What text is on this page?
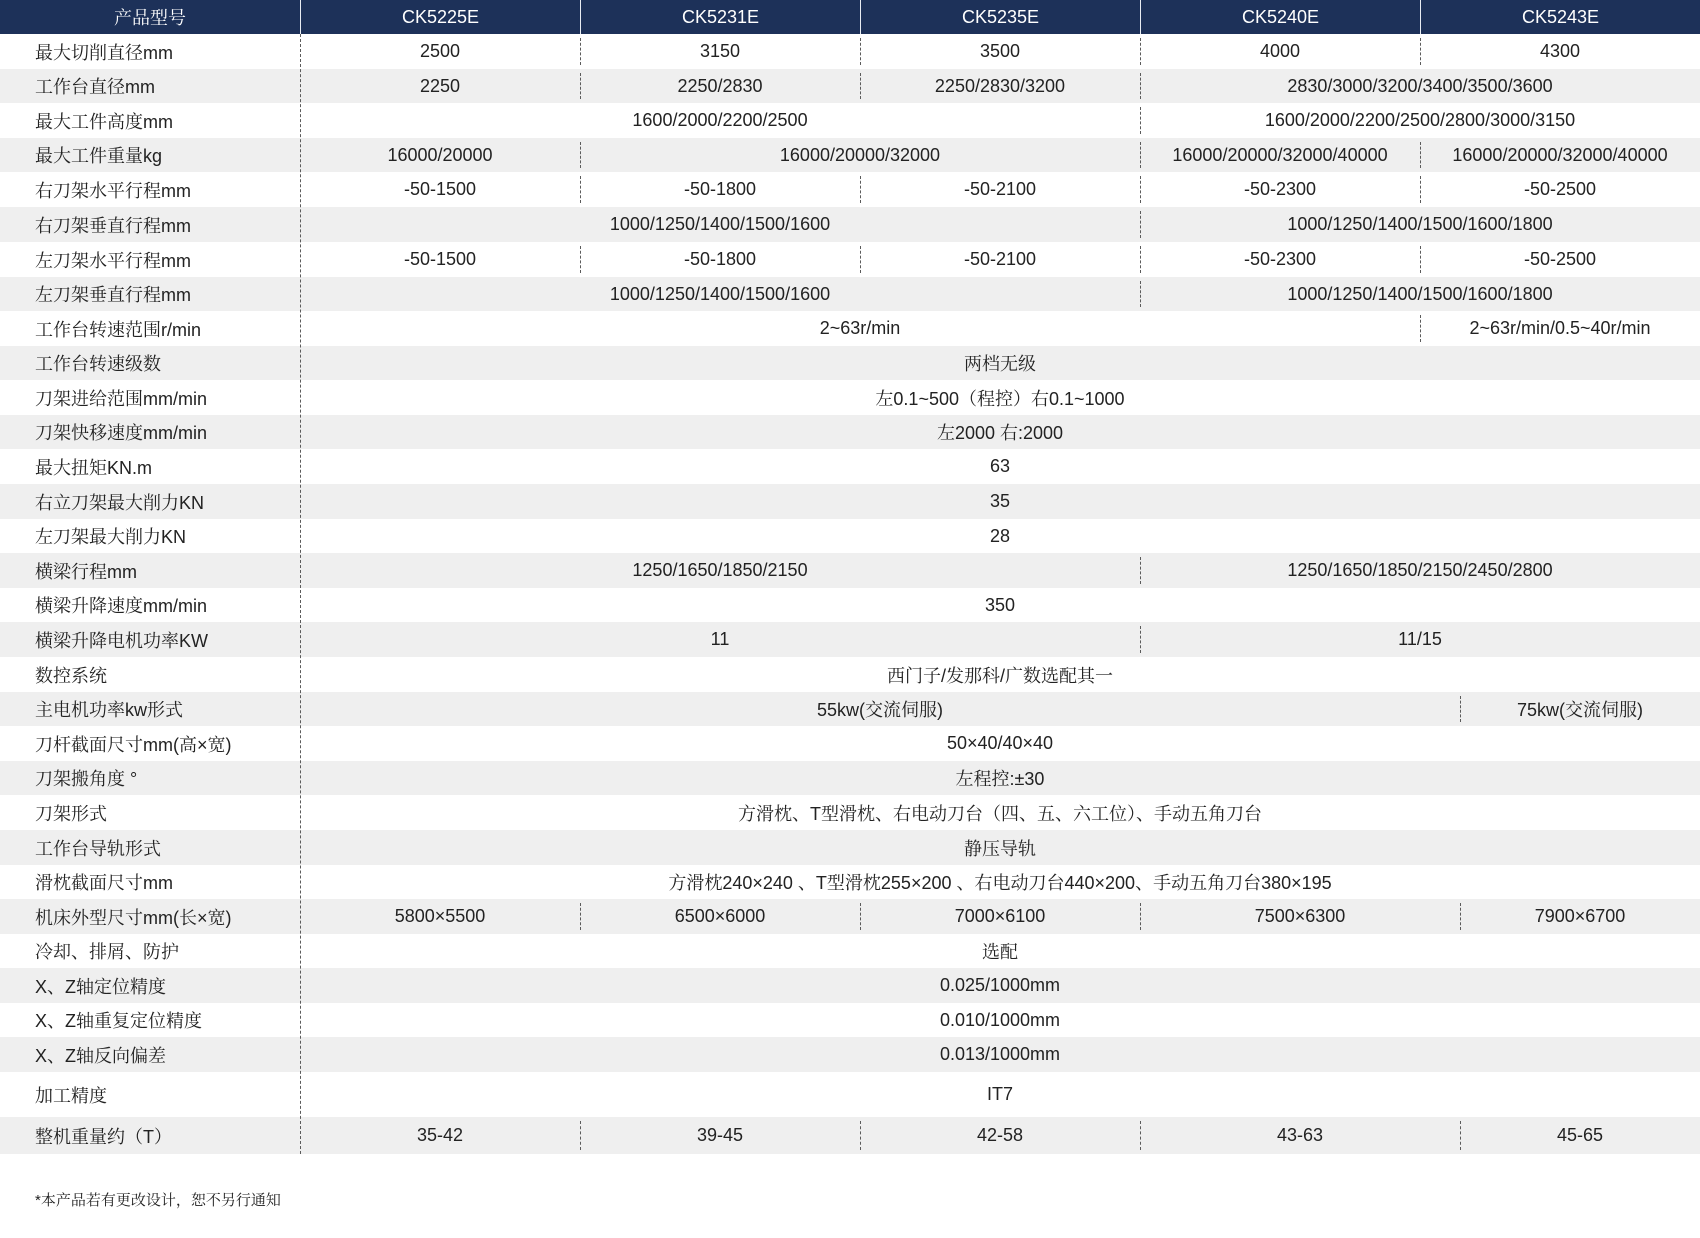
产品型号	CK5225E	CK5231E	CK5235E	CK5240E	CK5243E
最大切削直径mm	2500	3150	3500	4000	4300
工作台直径mm	2250	2250/2830	2250/2830/3200	2830/3000/3200/3400/3500/3600
最大工件高度mm	1600/2000/2200/2500	1600/2000/2200/2500/2800/3000/3150
最大工件重量kg	16000/20000	16000/20000/32000	16000/20000/32000/40000	16000/20000/32000/40000
右刀架水平行程mm	-50-1500	-50-1800	-50-2100	-50-2300	-50-2500
右刀架垂直行程mm	1000/1250/1400/1500/1600	1000/1250/1400/1500/1600/1800
左刀架水平行程mm	-50-1500	-50-1800	-50-2100	-50-2300	-50-2500
左刀架垂直行程mm	1000/1250/1400/1500/1600	1000/1250/1400/1500/1600/1800
工作台转速范围r/min	2~63r/min	2~63r/min/0.5~40r/min
工作台转速级数	两档无级
刀架进给范围mm/min	左0.1~500（程控）右0.1~1000
刀架快移速度mm/min	左2000 右:2000
最大扭矩KN.m	63
右立刀架最大削力KN	35
左刀架最大削力KN	28
横梁行程mm	1250/1650/1850/2150	1250/1650/1850/2150/2450/2800
横梁升降速度mm/min	350
横梁升降电机功率KW	11	11/15
数控系统	西门子/发那科/广数选配其一
主电机功率kw形式	55kw(交流伺服)	75kw(交流伺服)
刀杆截面尺寸mm(高×宽)	50×40/40×40
刀架搬角度 °	左程控:±30
刀架形式	方滑枕、T型滑枕、右电动刀台（四、五、六工位）、手动五角刀台
工作台导轨形式	静压导轨
滑枕截面尺寸mm	方滑枕240×240 、T型滑枕255×200 、右电动刀台440×200、手动五角刀台380×195
机床外型尺寸mm(长×宽)	5800×5500	6500×6000	7000×6100	7500×6300	7900×6700
冷却、排屑、防护	选配
X、Z轴定位精度	0.025/1000mm
X、Z轴重复定位精度	0.010/1000mm
X、Z轴反向偏差	0.013/1000mm
加工精度	IT7
整机重量约（T）	35-42	39-45	42-58	43-63	45-65
*本产品若有更改设计，恕不另行通知
